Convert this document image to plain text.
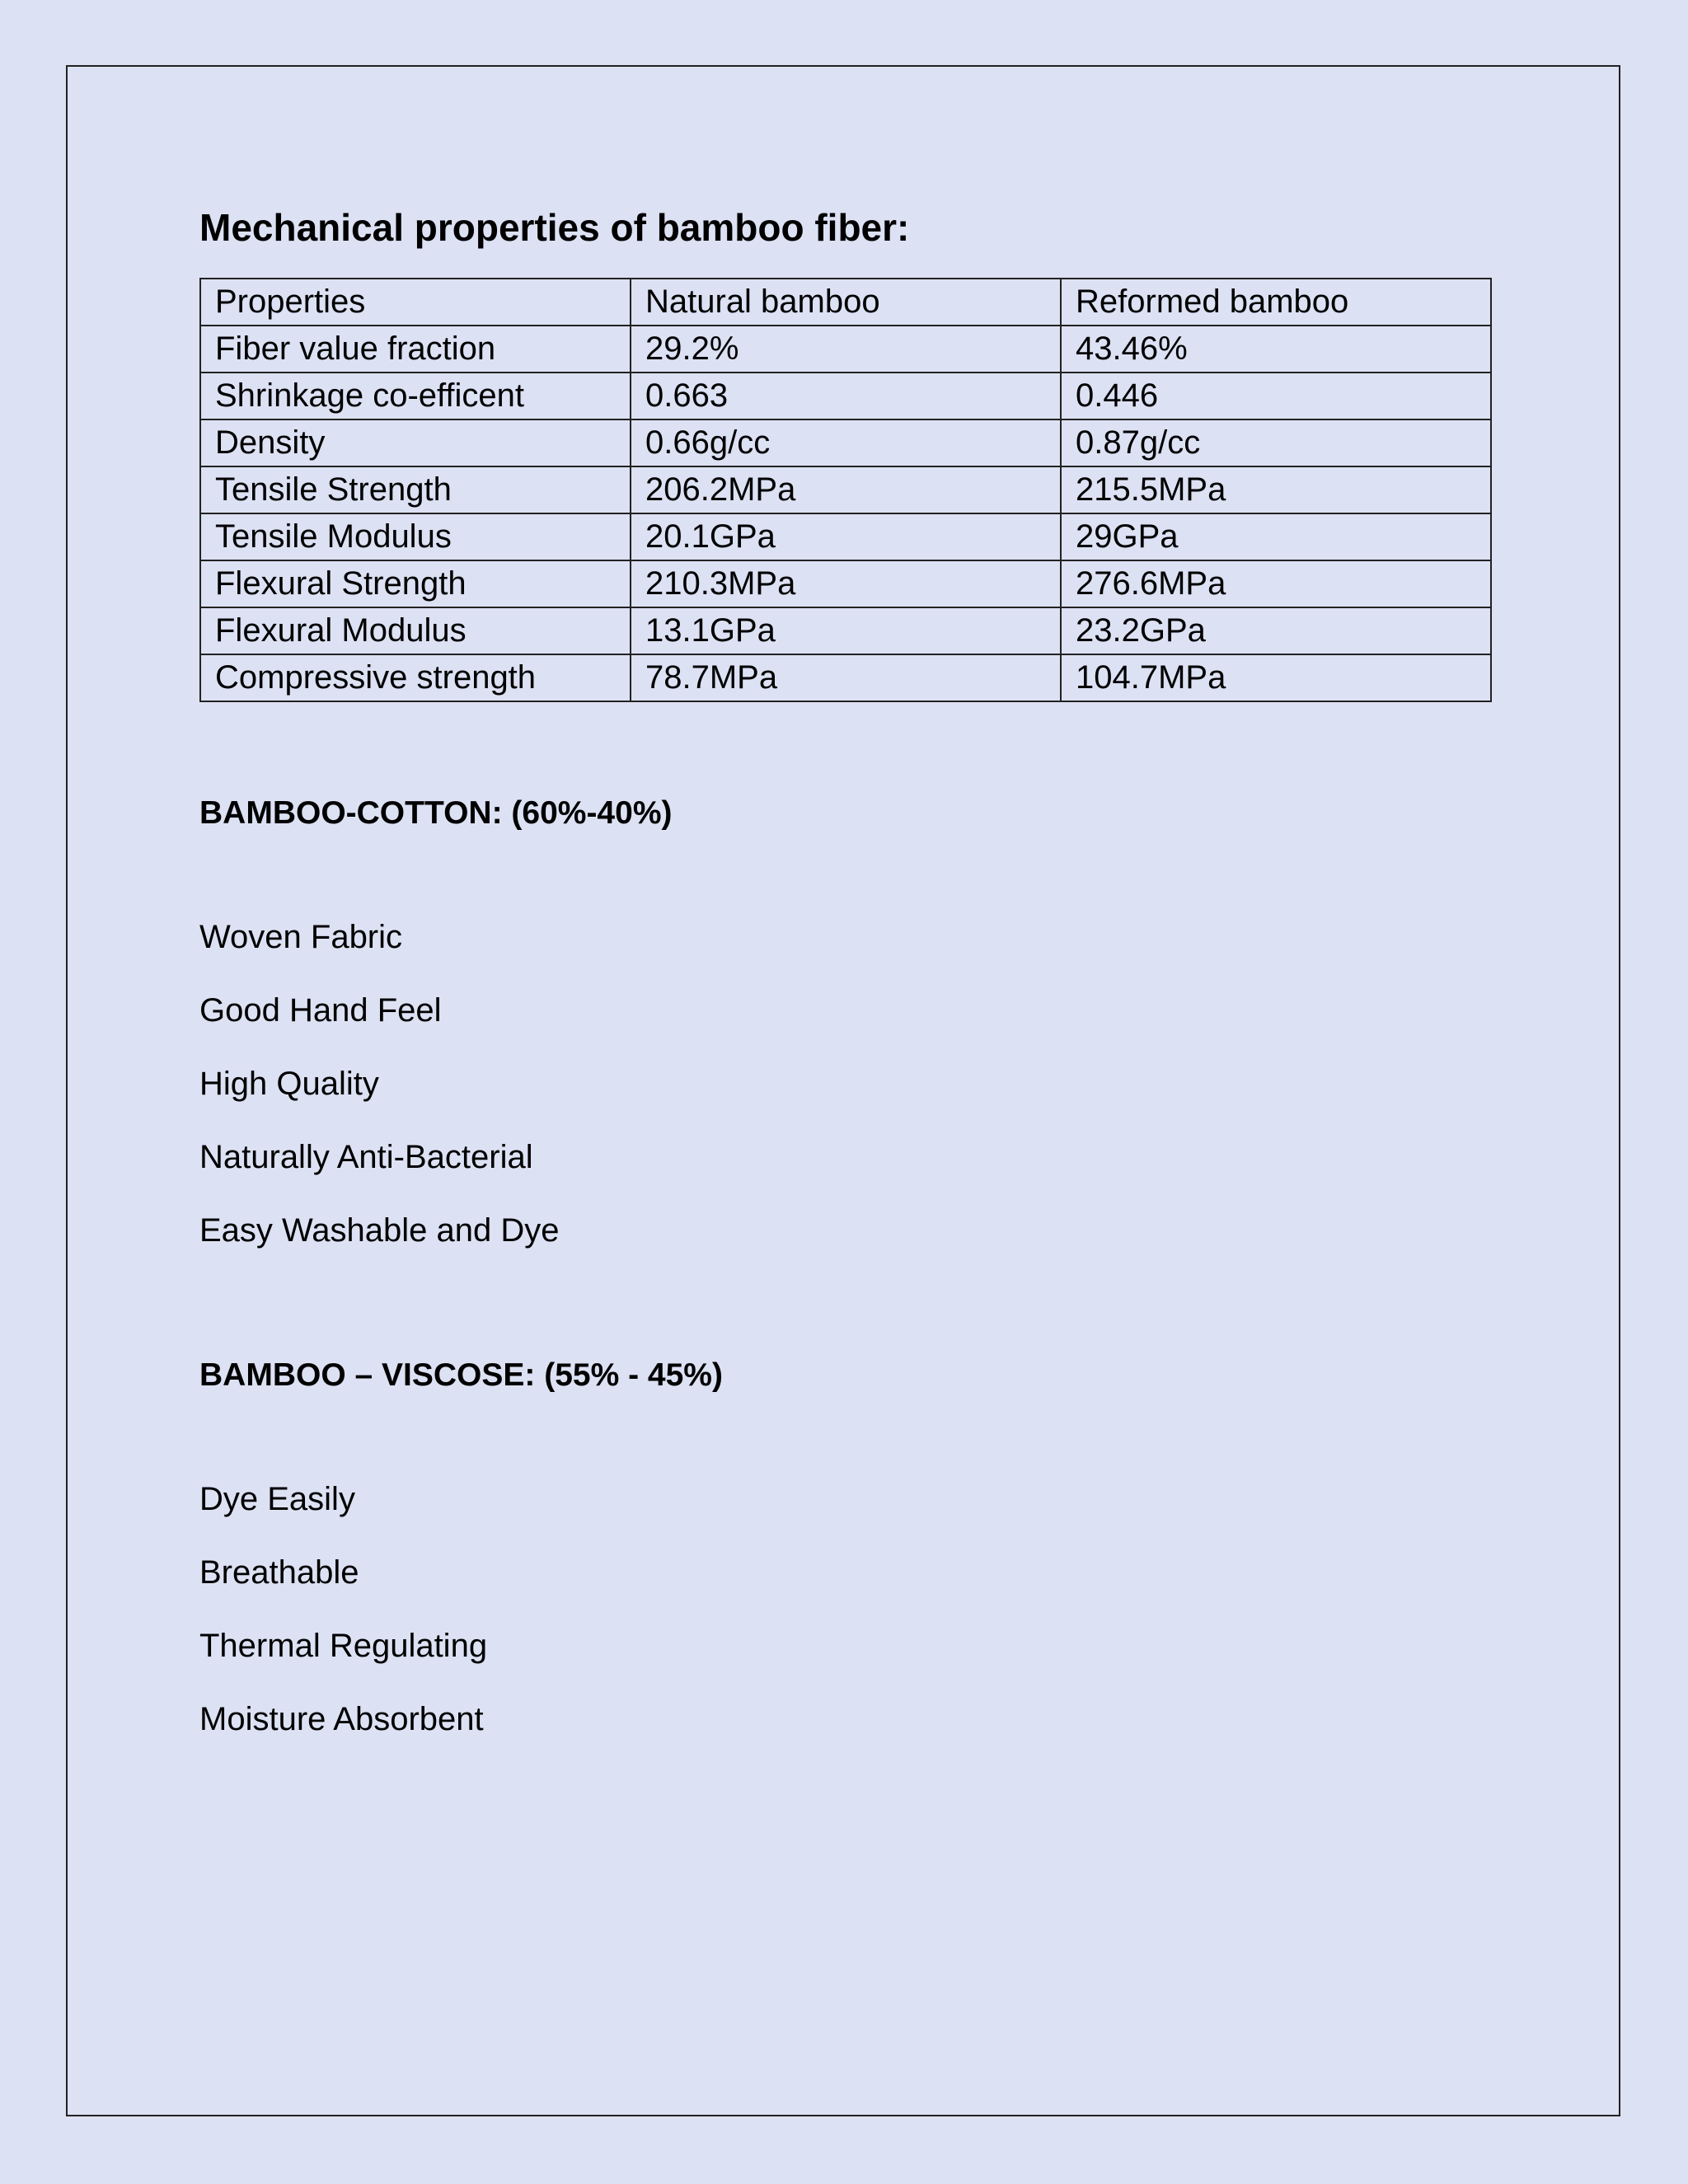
Mechanical properties of bamboo fiber:
Properties	Natural bamboo	Reformed bamboo
Fiber value fraction	29.2%	43.46%
Shrinkage co-efficent	0.663	0.446
Density	0.66g/cc	0.87g/cc
Tensile Strength	206.2MPa	215.5MPa
Tensile Modulus	20.1GPa	29GPa
Flexural Strength	210.3MPa	276.6MPa
Flexural Modulus	13.1GPa	23.2GPa
Compressive strength	78.7MPa	104.7MPa
BAMBOO-COTTON: (60%-40%)
Woven Fabric
Good Hand Feel
High Quality
Naturally Anti-Bacterial
Easy Washable and Dye
BAMBOO – VISCOSE: (55% - 45%)
Dye Easily
Breathable
Thermal Regulating
Moisture Absorbent
